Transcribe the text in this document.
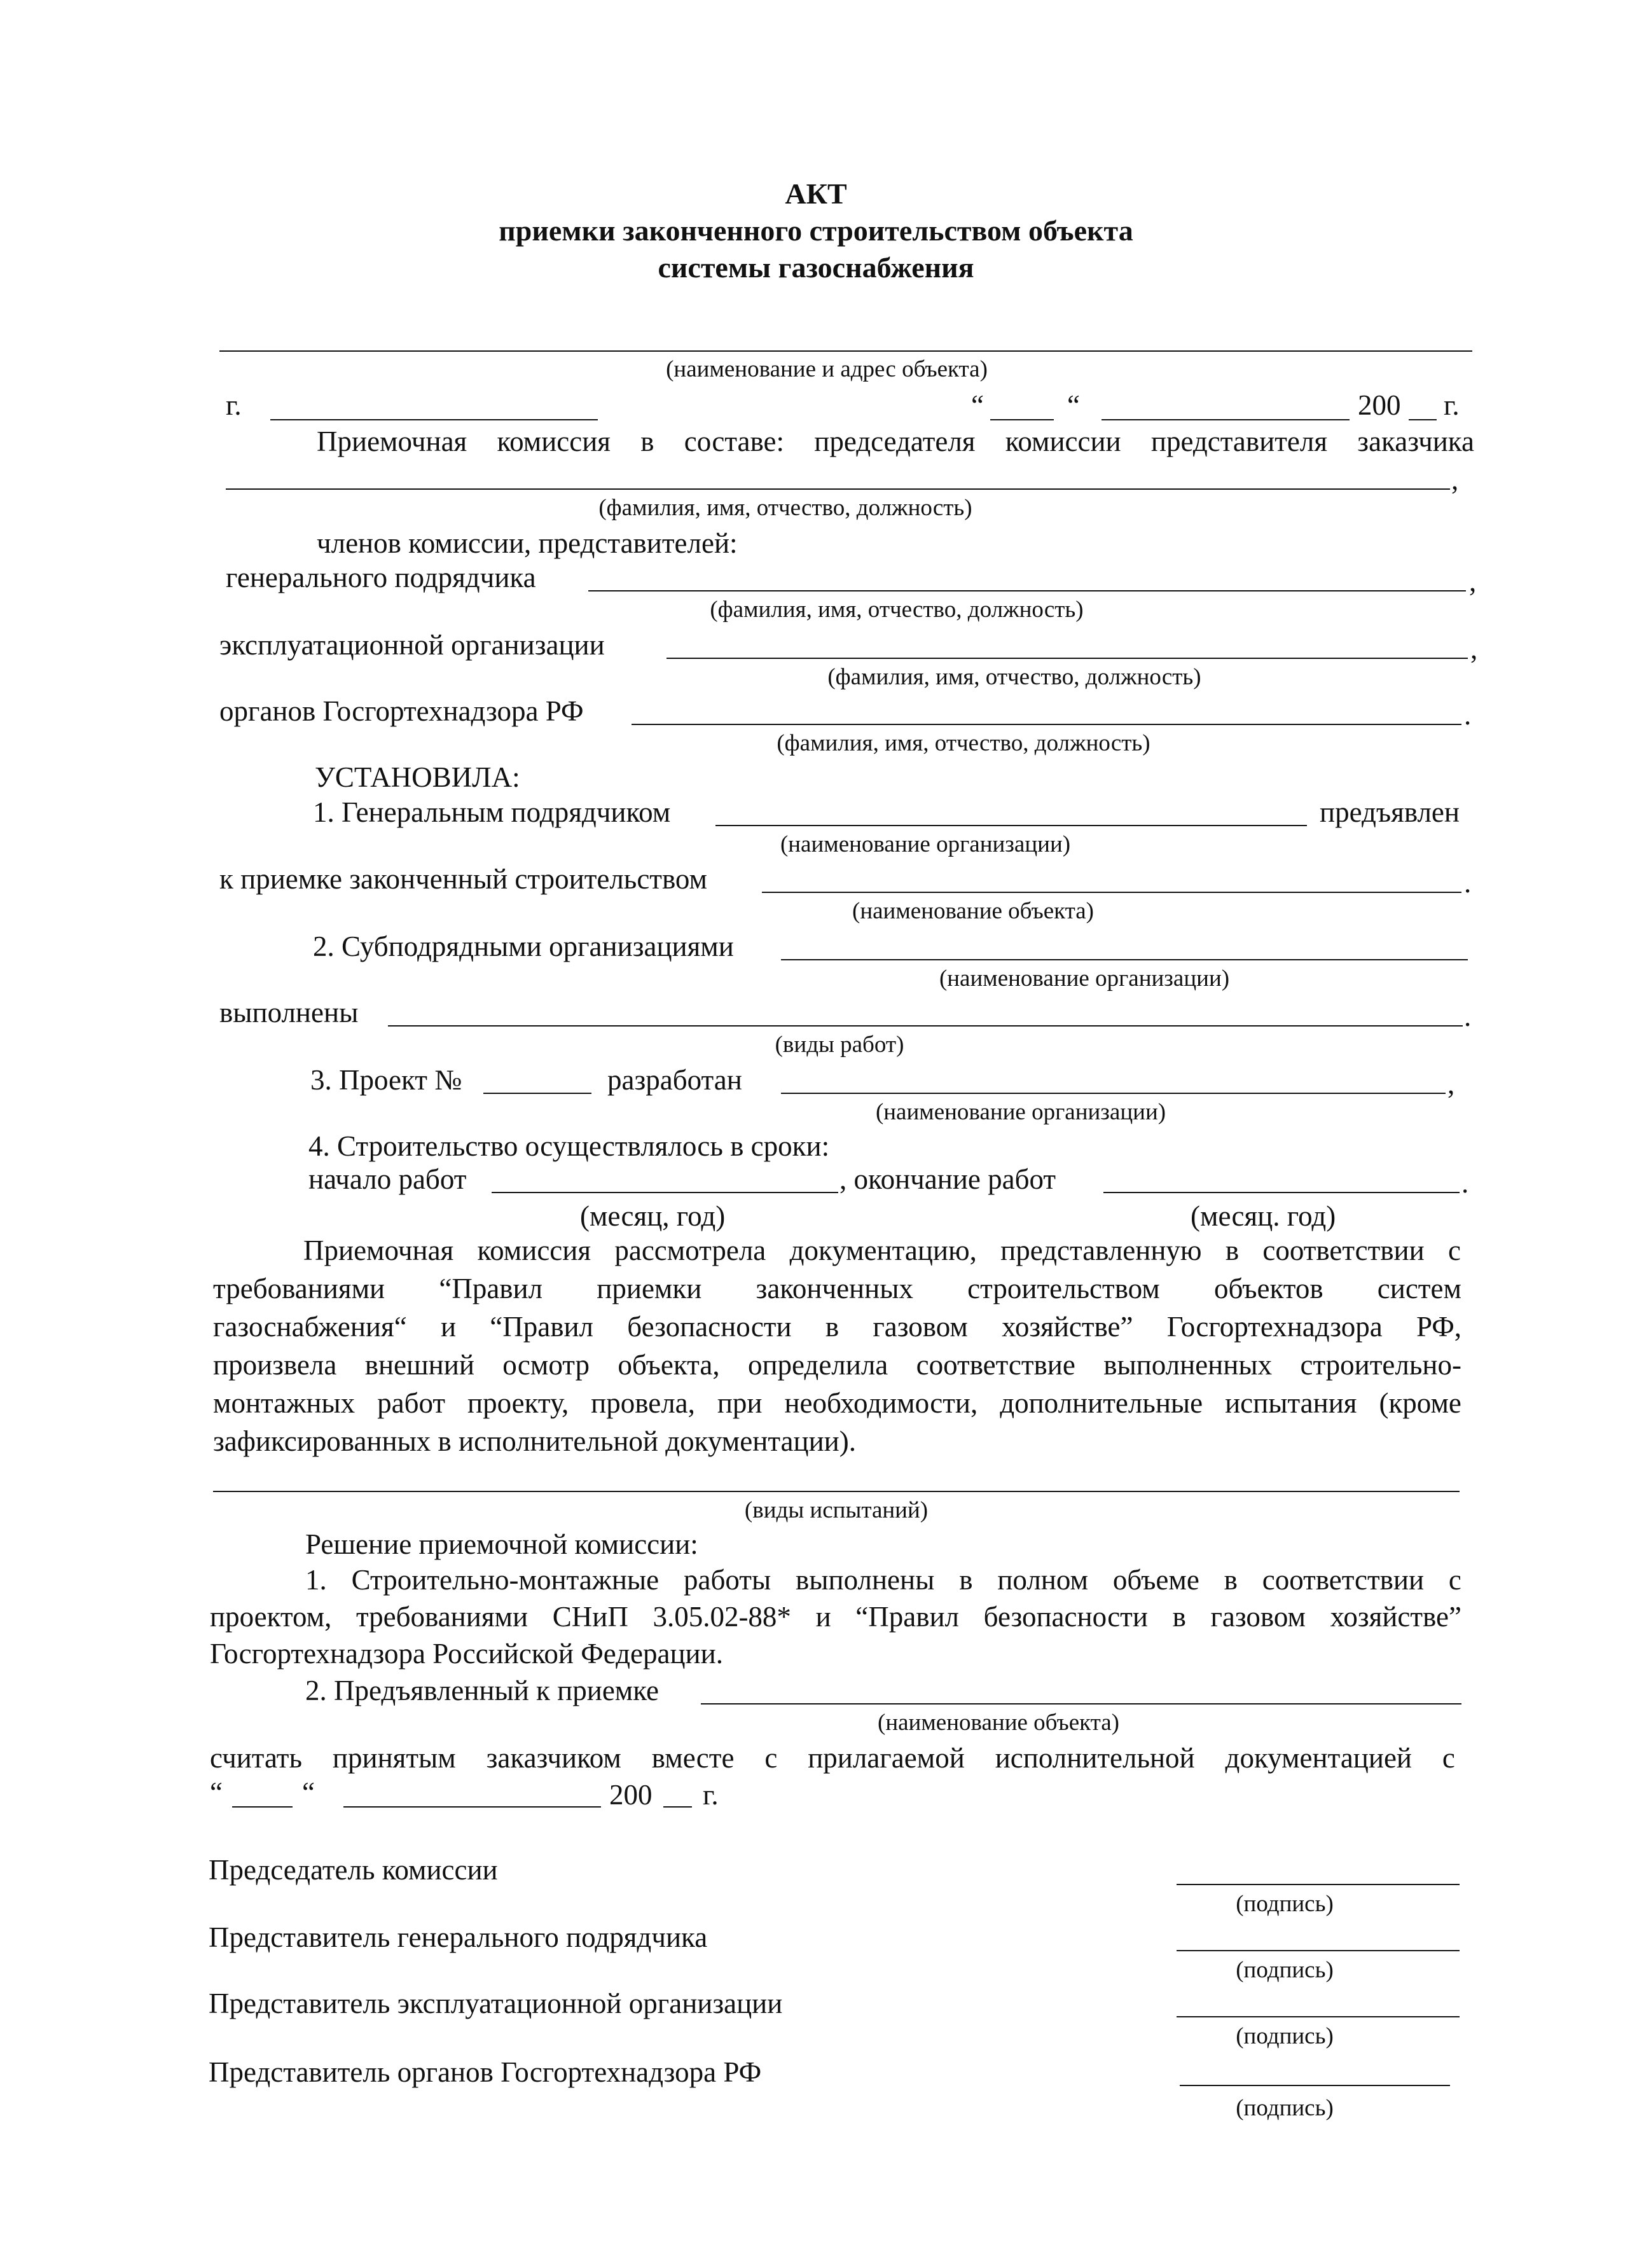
АКТ
приемки законченного строительством объекта
системы газоснабжения
(наименование и адрес объекта)
г.	“	“	200 г.
Приемочная комиссия в составе: председателя комиссии представителя заказчика
,
(фамилия, имя, отчество, должность)
членов комиссии, представителей:
генерального подрядчика	,
(фамилия, имя, отчество, должность)
эксплуатационной организации	,
(фамилия, имя, отчество, должность)
органов Госгортехнадзора РФ	.
(фамилия, имя, отчество, должность)
УСТАНОВИЛА:
1. Генеральным подрядчиком	предъявлен
(наименование организации)
к приемке законченный строительством	.
(наименование объекта)
2. Субподрядными организациями
(наименование организации)
выполнены	.
(виды работ)
3. Проект №	разработан	,
(наименование организации)
4. Строительство осуществлялось в сроки:
начало работ	, окончание работ	.
(месяц, год)	(месяц. год)
Приемочная комиссия рассмотрела документацию, представленную в соответствии с
требованиями “Правил приемки законченных строительством объектов систем
газоснабжения“ и “Правил безопасности в газовом хозяйстве” Госгортехнадзора РФ,
произвела внешний осмотр объекта, определила соответствие выполненных строительно-
монтажных работ проекту, провела, при необходимости, дополнительные испытания (кроме
зафиксированных в исполнительной документации).
(виды испытаний)
Решение приемочной комиссии:
1. Строительно-монтажные работы выполнены в полном объеме в соответствии с
проектом, требованиями СНиП 3.05.02-88* и “Правил безопасности в газовом хозяйстве”
Госгортехнадзора Российской Федерации.
2. Предъявленный к приемке
(наименование объекта)
считать принятым заказчиком вместе с прилагаемой исполнительной документацией с
“	“	200 г.
Председатель комиссии
(подпись)
Представитель генерального подрядчика
(подпись)
Представитель эксплуатационной организации
(подпись)
Представитель органов Госгортехнадзора РФ
(подпись)
